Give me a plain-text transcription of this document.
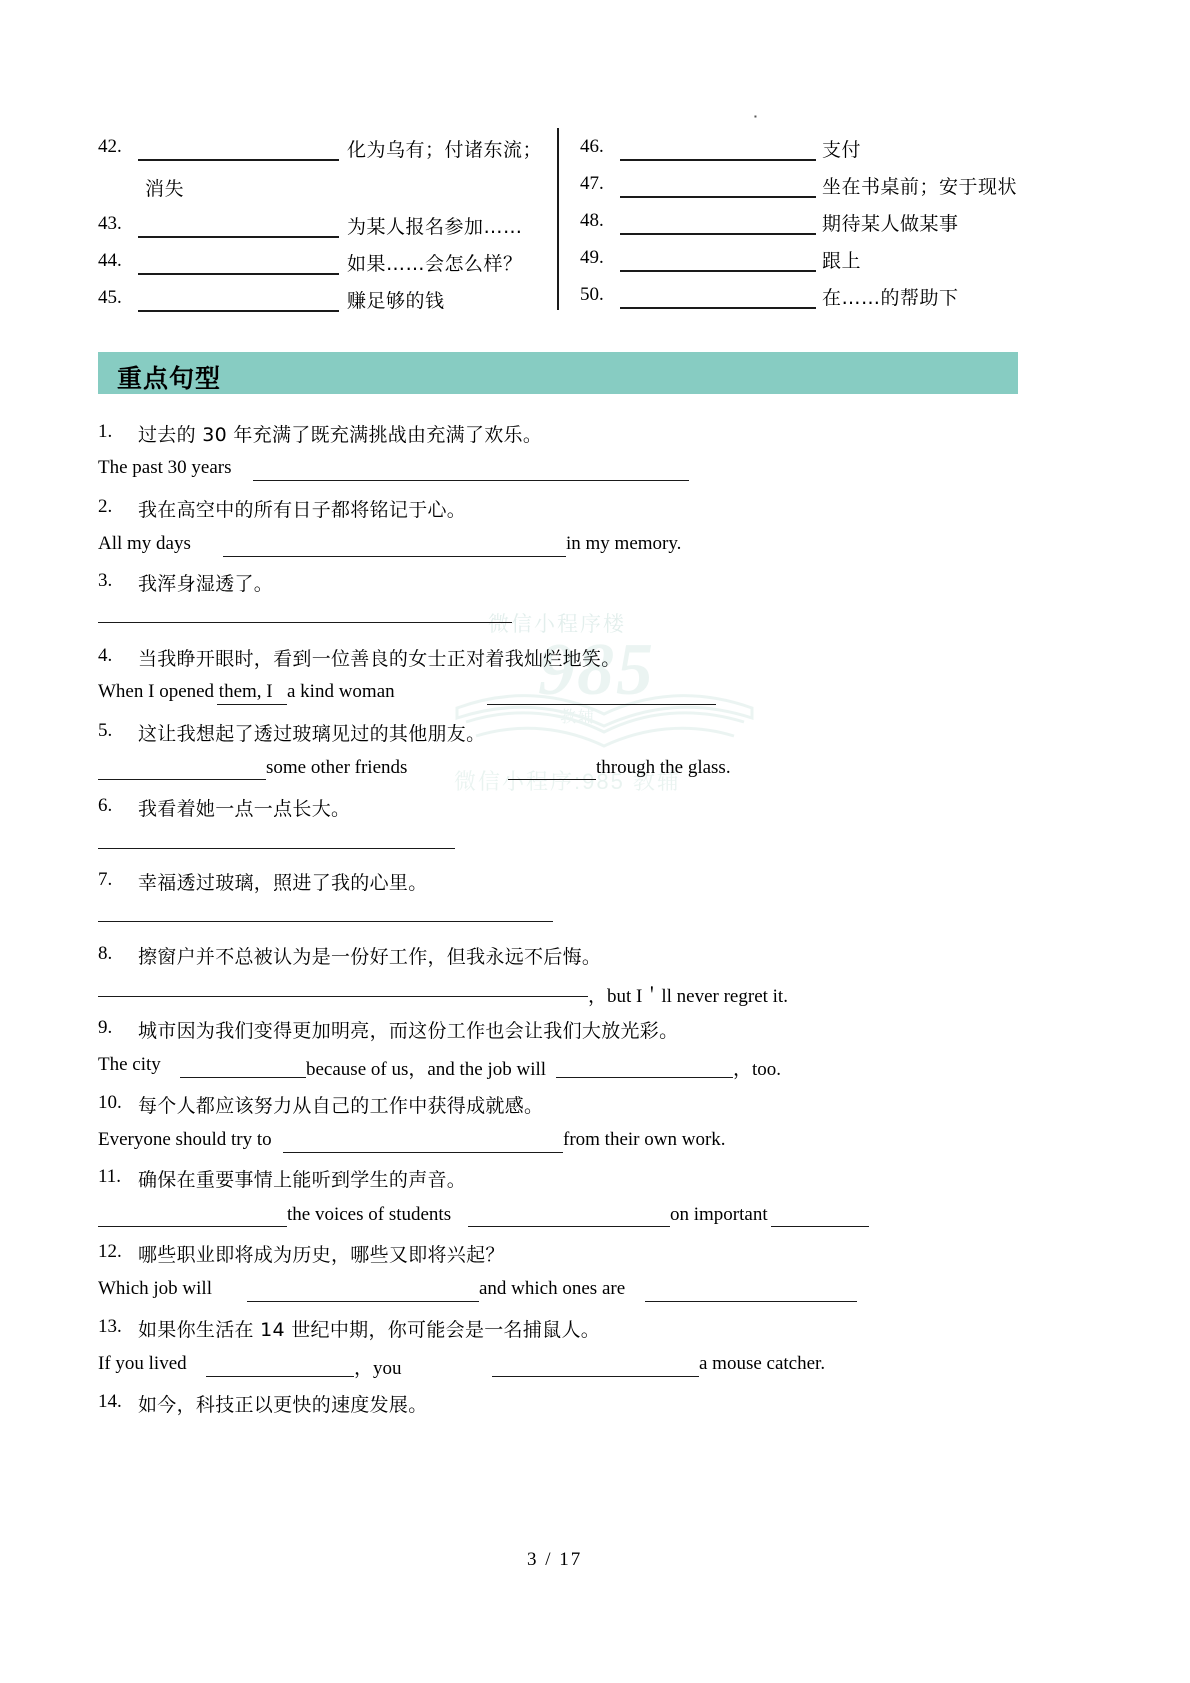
微信小程序楼
985
教辅
微信小程序:985 教辅
▪
42.	化为乌有；付诸东流；
消失
43.	为某人报名参加……
44.	如果……会怎么样？
45.	赚足够的钱
46.	支付
47.	坐在书桌前；安于现状
48.	期待某人做某事
49.	跟上
50.	在……的帮助下
重点句型
1. 过去的 30 年充满了既充满挑战由充满了欢乐。
The past 30 years
2. 我在高空中的所有日子都将铭记于心。
All my days	in my memory.
3. 我浑身湿透了。
4. 当我睁开眼时，看到一位善良的女士正对着我灿烂地笑。
When I opened them, I a kind woman
5. 这让我想起了透过玻璃见过的其他朋友。
some other friends	through the glass.
6. 我看着她一点一点长大。
7. 幸福透过玻璃，照进了我的心里。
8. 擦窗户并不总被认为是一份好工作，但我永远不后悔。
，but I＇ll never regret it.
9. 城市因为我们变得更加明亮，而这份工作也会让我们大放光彩。
The city	because of us，and the job will	，too.
10. 每个人都应该努力从自己的工作中获得成就感。
Everyone should try to	from their own work.
11. 确保在重要事情上能听到学生的声音。
the voices of students	on important
12. 哪些职业即将成为历史，哪些又即将兴起？
Which job will	and which ones are
13. 如果你生活在 14 世纪中期，你可能会是一名捕鼠人。
If you lived	，you	a mouse catcher.
14. 如今，科技正以更快的速度发展。
3 / 17
